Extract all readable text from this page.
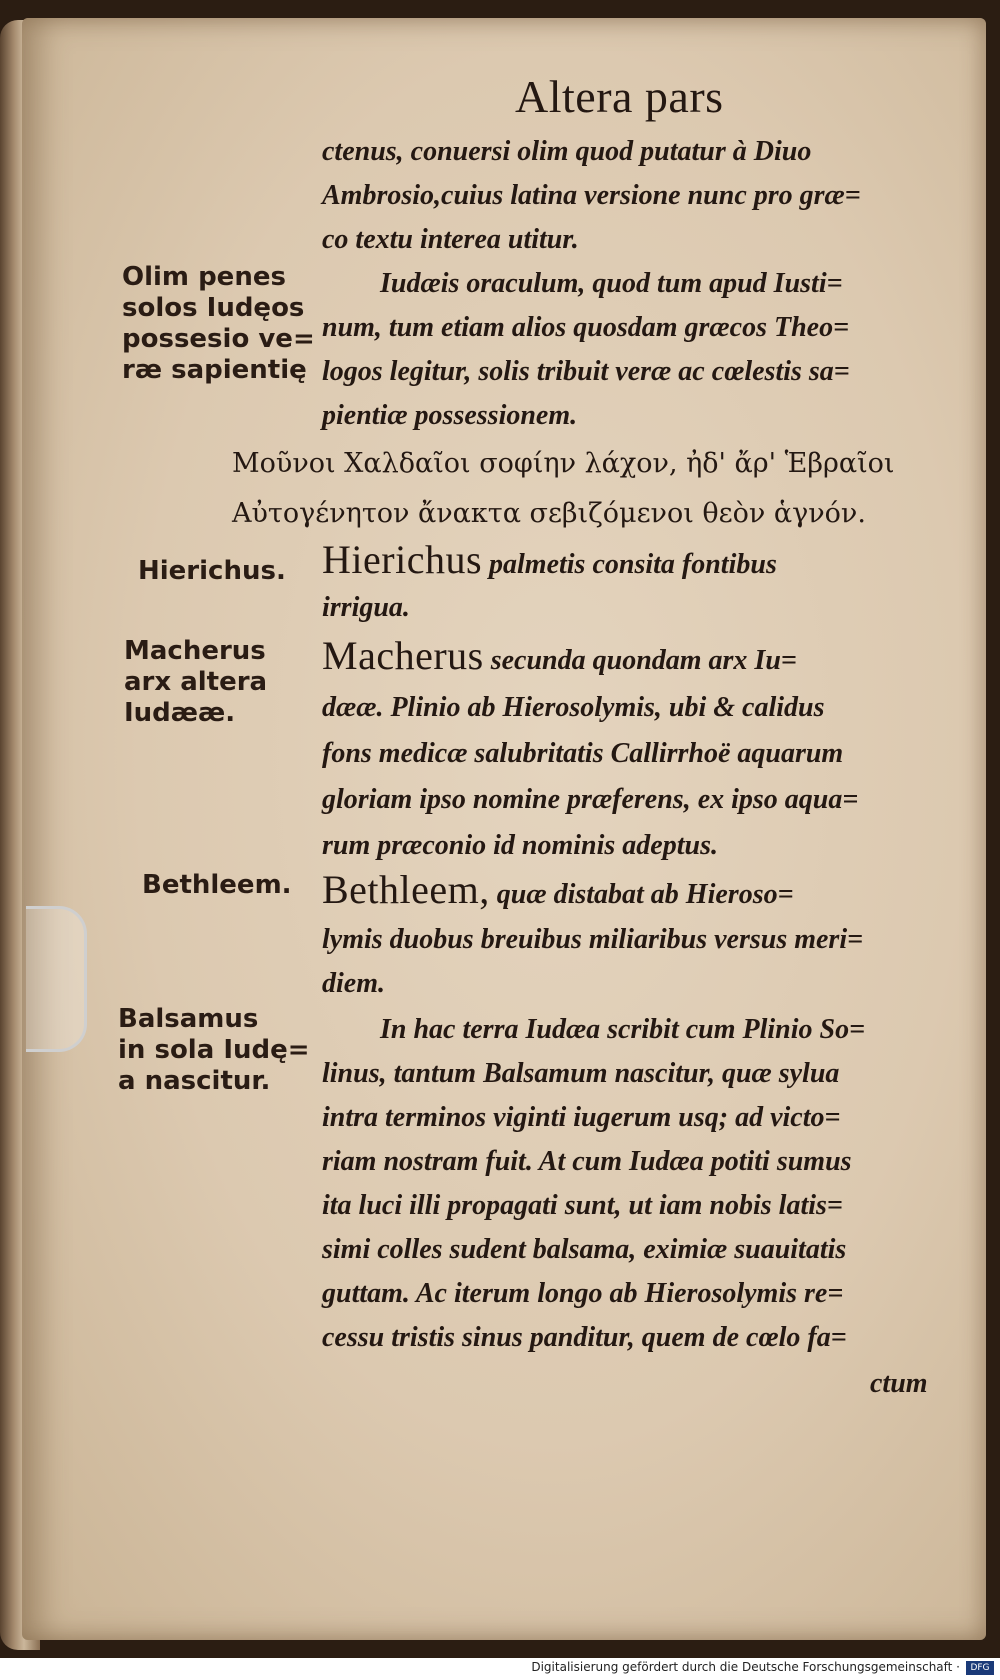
Altera pars
ctenus, conuersi olim quod putatur à Diuo
Ambrosio,cuius latina versione nunc pro græ=
co textu interea utitur.
Iudæis oraculum, quod tum apud Iusti=
num, tum etiam alios quosdam græcos Theo=
logos legitur, solis tribuit veræ ac cœlestis sa=
pientiæ possessionem.
Μοῦνοι Χαλδαῖοι σοφίην λάχον, ἠδ' ἄρ' Ἑβραῖοι
Αὐτογένητον ἄνακτα σεβιζόμενοι θεὸν ἁγνόν.
Hierichus palmetis consita fontibus
irrigua.
Macherus secunda quondam arx Iu=
dææ. Plinio ab Hierosolymis, ubi & calidus
fons medicæ salubritatis Callirrhoë aquarum
gloriam ipso nomine præferens, ex ipso aqua=
rum præconio id nominis adeptus.
Bethleem, quæ distabat ab Hieroso=
lymis duobus breuibus miliaribus versus meri=
diem.
In hac terra Iudæa scribit cum Plinio So=
linus, tantum Balsamum nascitur, quæ sylua
intra terminos viginti iugerum usq; ad victo=
riam nostram fuit. At cum Iudæa potiti sumus
ita luci illi propagati sunt, ut iam nobis latis=
simi colles sudent balsama, eximiæ suauitatis
guttam. Ac iterum longo ab Hierosolymis re=
cessu tristis sinus panditur, quem de cœlo fa=
ctum
Olim penes
solos Iudęos
possesio ve=
ræ sapientię
Hierichus.
Macherus
arx altera
Iudææ.
Bethleem.
Balsamus
in sola Iudę=
a nascitur.
Digitalisierung gefördert durch die Deutsche Forschungsgemeinschaft ·	DFG
